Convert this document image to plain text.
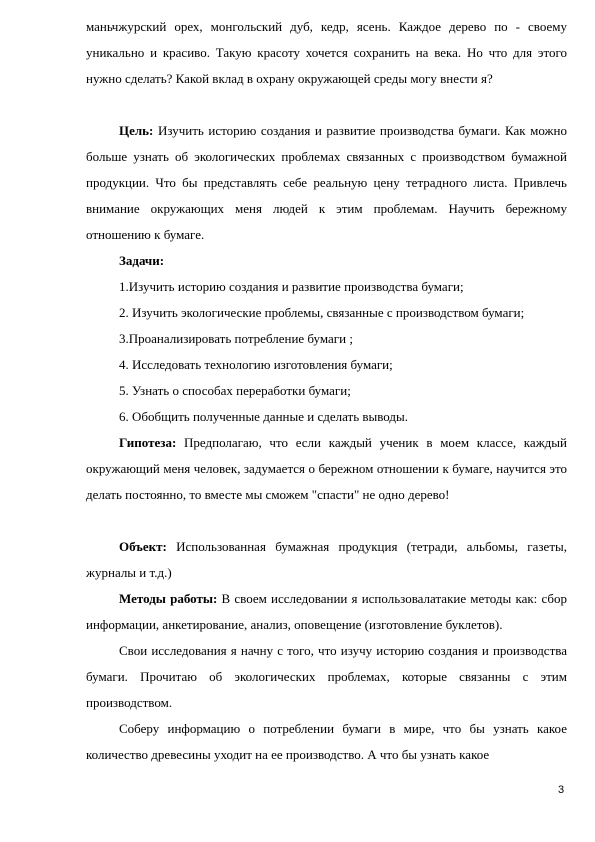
маньчжурский орех, монгольский дуб, кедр, ясень. Каждое дерево по - своему уникально и красиво. Такую красоту хочется сохранить на века. Но что для этого нужно сделать? Какой вклад в охрану окружающей среды могу внести я?

Цель: Изучить историю создания и развитие производства бумаги. Как можно больше узнать об экологических проблемах связанных с производством бумажной продукции. Что бы представлять себе реальную цену тетрадного листа. Привлечь внимание окружающих меня людей к этим проблемам. Научить бережному отношению к бумаге.

Задачи:

1.Изучить историю создания и развитие производства бумаги;

2. Изучить экологические проблемы, связанные с производством бумаги;

3.Проанализировать потребление бумаги ;

4. Исследовать технологию изготовления бумаги;

5. Узнать о способах переработки бумаги;

6. Обобщить полученные данные и сделать выводы.

Гипотеза: Предполагаю, что если каждый ученик в моем классе, каждый окружающий меня человек, задумается о бережном отношении к бумаге, научится это делать постоянно, то вместе мы сможем "спасти" не одно дерево!

Объект: Использованная бумажная продукция (тетради, альбомы, газеты, журналы и т.д.)

Методы работы: В своем исследовании я использовалатакие методы как: сбор информации, анкетирование, анализ, оповещение (изготовление буклетов).

Свои исследования я начну с того, что изучу историю создания и производства бумаги. Прочитаю об экологических проблемах, которые связанны с этим производством.

Соберу информацию о потреблении бумаги в мире, что бы узнать какое количество древесины уходит на ее производство. А что бы узнать какое

3
